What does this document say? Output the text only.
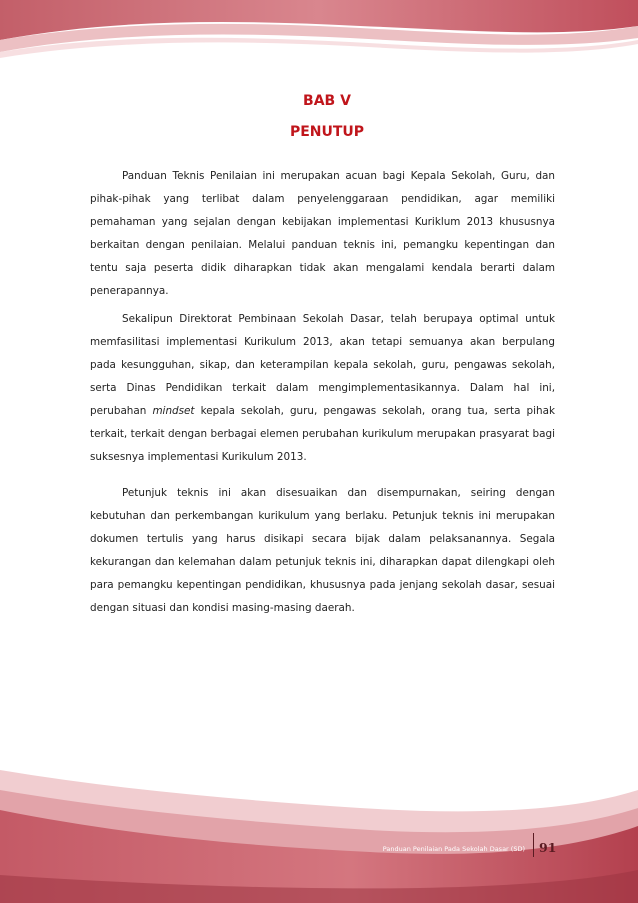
BAB V
PENUTUP

Panduan Teknis Penilaian ini merupakan acuan bagi Kepala Sekolah, Guru, dan pihak-pihak yang terlibat dalam penyelenggaraan pendidikan, agar memiliki pemahaman yang sejalan dengan kebijakan implementasi Kuriklum 2013 khususnya berkaitan dengan penilaian. Melalui panduan teknis ini, pemangku kepentingan dan tentu saja peserta didik diharapkan tidak akan mengalami kendala berarti dalam penerapannya.

Sekalipun Direktorat Pembinaan Sekolah Dasar, telah berupaya optimal untuk memfasilitasi implementasi Kurikulum 2013, akan tetapi semuanya akan berpulang pada kesungguhan, sikap, dan keterampilan kepala sekolah, guru, pengawas sekolah, serta Dinas Pendidikan terkait dalam mengimplementasikannya. Dalam hal ini, perubahan mindset kepala sekolah, guru, pengawas sekolah, orang tua, serta pihak terkait, terkait dengan berbagai elemen perubahan kurikulum merupakan prasyarat bagi suksesnya implementasi Kurikulum 2013.

Petunjuk teknis ini akan disesuaikan dan disempurnakan, seiring dengan kebutuhan dan perkembangan kurikulum yang berlaku. Petunjuk teknis ini merupakan dokumen tertulis yang harus disikapi secara bijak dalam pelaksanannya. Segala kekurangan dan kelemahan dalam petunjuk teknis ini, diharapkan dapat dilengkapi oleh para pemangku kepentingan pendidikan, khususnya pada jenjang sekolah dasar, sesuai dengan situasi dan kondisi masing-masing daerah.

Panduan Penilaian Pada Sekolah Dasar (SD) 91
